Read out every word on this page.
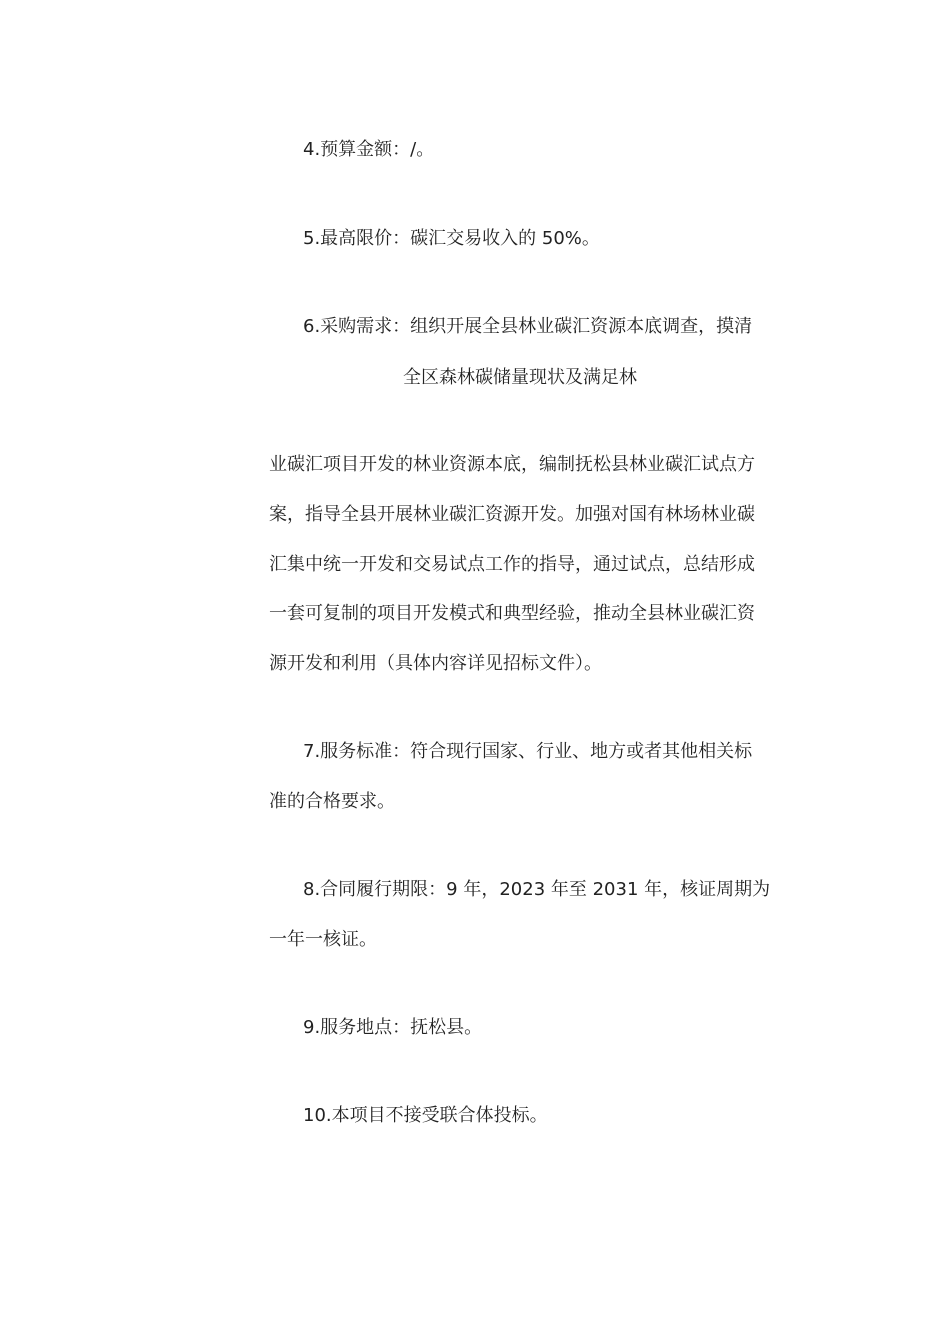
4.预算金额：/。
5.最高限价：碳汇交易收入的 50%。
6.采购需求：组织开展全县林业碳汇资源本底调查，摸清
全区森林碳储量现状及满足林
业碳汇项目开发的林业资源本底，编制抚松县林业碳汇试点方
案，指导全县开展林业碳汇资源开发。加强对国有林场林业碳
汇集中统一开发和交易试点工作的指导，通过试点，总结形成
一套可复制的项目开发模式和典型经验，推动全县林业碳汇资
源开发和利用（具体内容详见招标文件）。
7.服务标准：符合现行国家、行业、地方或者其他相关标
准的合格要求。
8.合同履行期限：9 年，2023 年至 2031 年，核证周期为
一年一核证。
9.服务地点：抚松县。
10.本项目不接受联合体投标。
